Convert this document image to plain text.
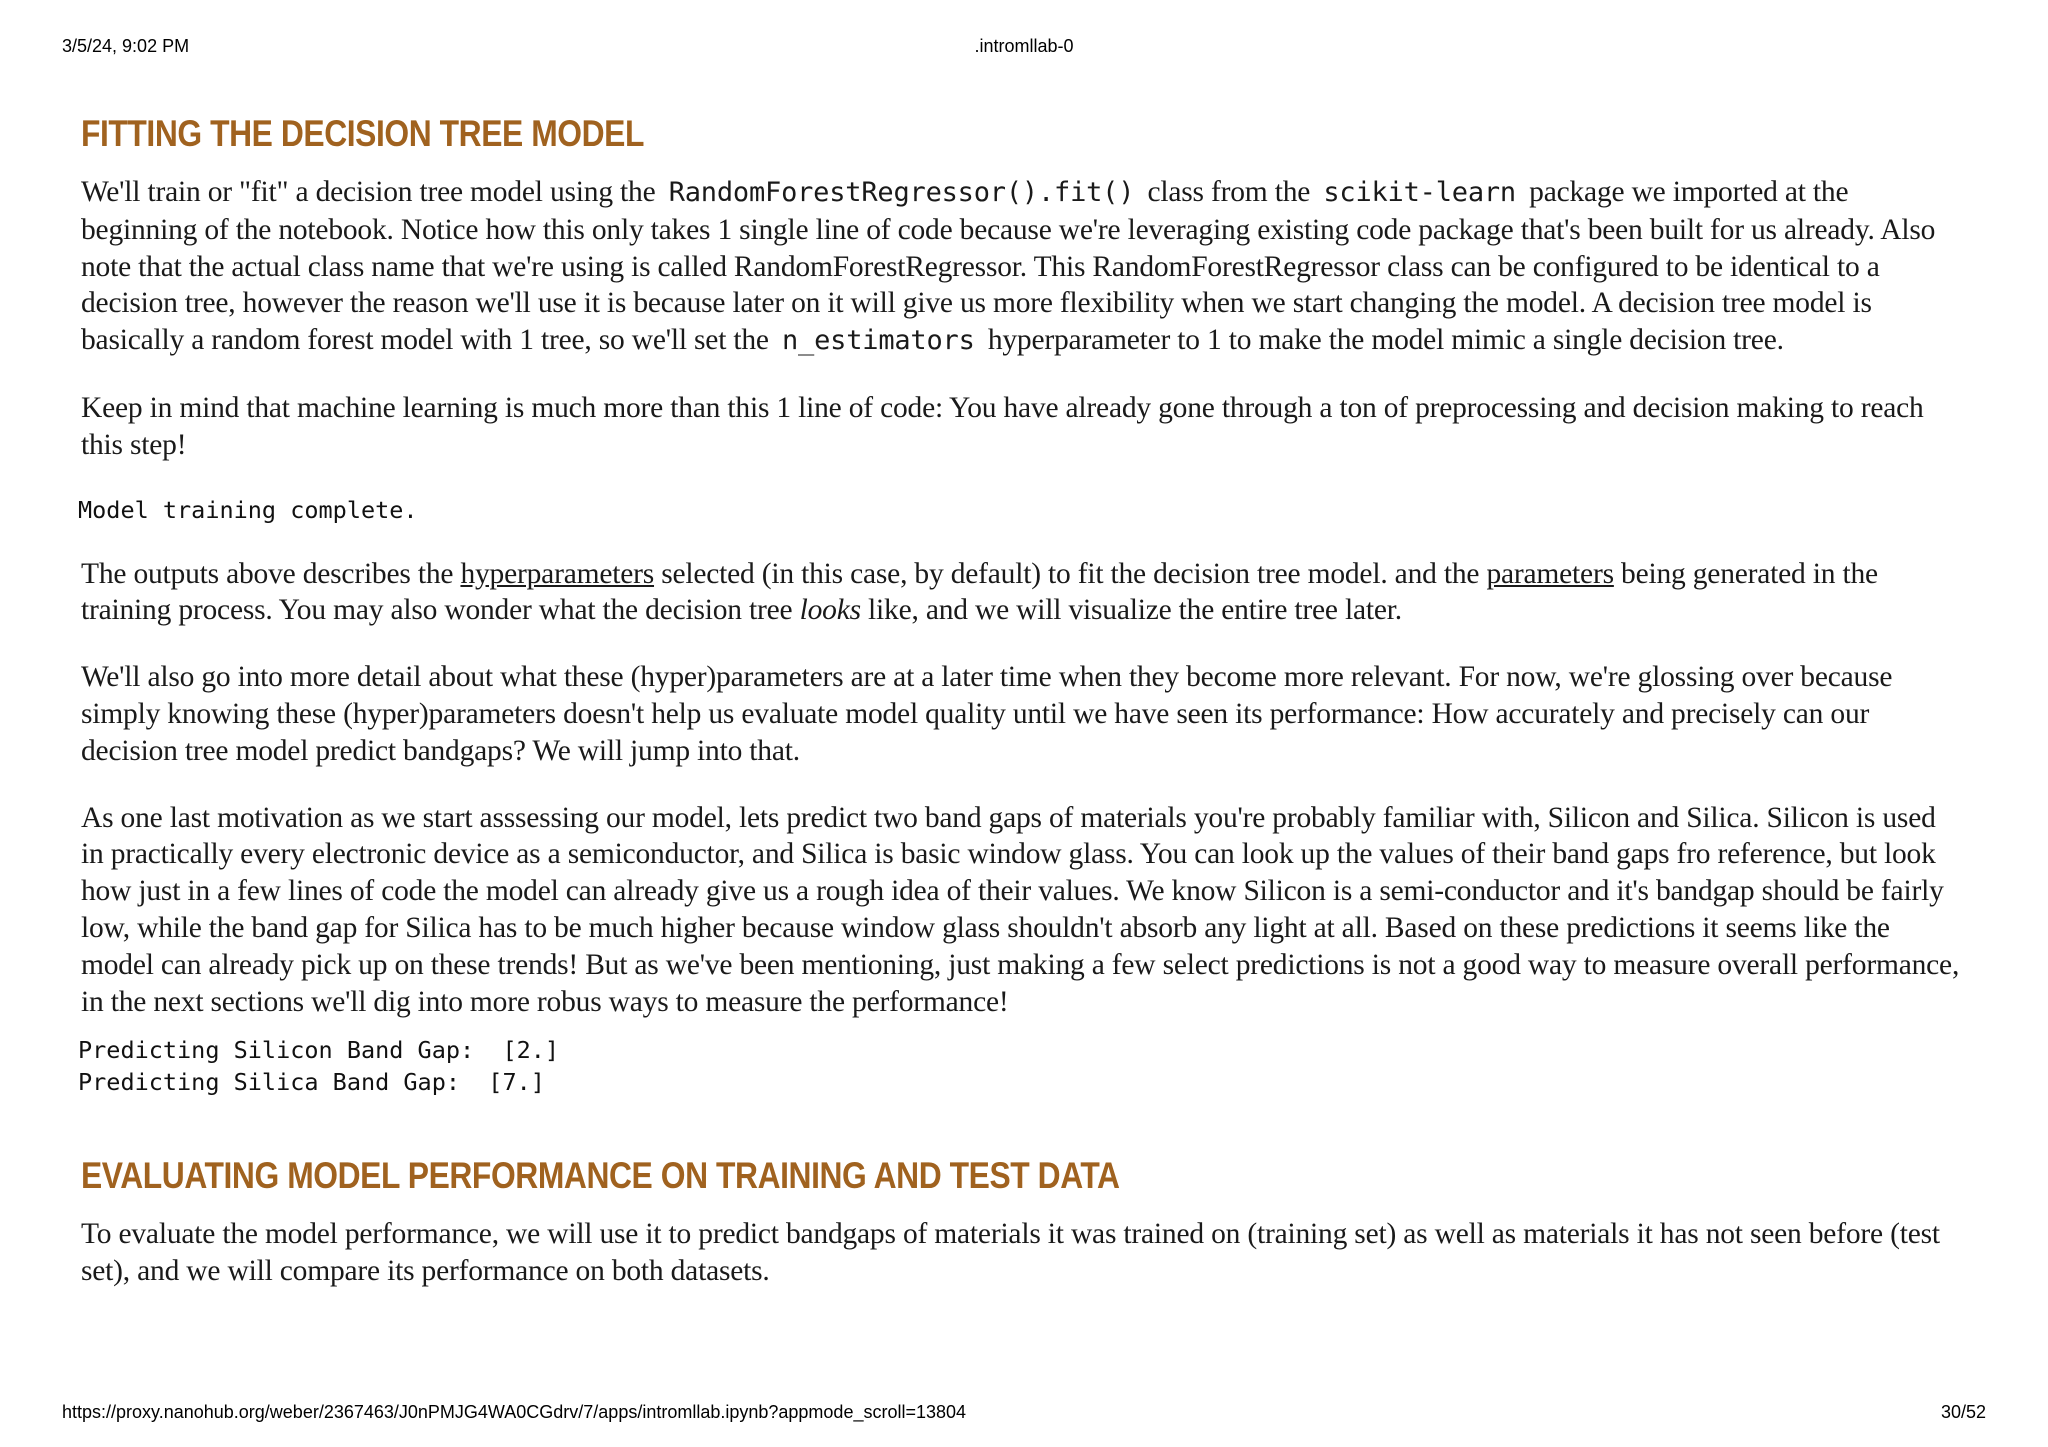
3/5/24, 9:02 PM	.intromllab-0
FITTING THE DECISION TREE MODEL

We'll train or "fit" a decision tree model using the RandomForestRegressor().fit() class from the scikit-learn package we imported at the beginning of the notebook. Notice how this only takes 1 single line of code because we're leveraging existing code package that's been built for us already. Also note that the actual class name that we're using is called RandomForestRegressor. This RandomForestRegressor class can be configured to be identical to a decision tree, however the reason we'll use it is because later on it will give us more flexibility when we start changing the model. A decision tree model is basically a random forest model with 1 tree, so we'll set the n_estimators hyperparameter to 1 to make the model mimic a single decision tree.

Keep in mind that machine learning is much more than this 1 line of code: You have already gone through a ton of preprocessing and decision making to reach this step!

Model training complete.

The outputs above describes the hyperparameters selected (in this case, by default) to fit the decision tree model. and the parameters being generated in the training process. You may also wonder what the decision tree looks like, and we will visualize the entire tree later.

We'll also go into more detail about what these (hyper)parameters are at a later time when they become more relevant. For now, we're glossing over because simply knowing these (hyper)parameters doesn't help us evaluate model quality until we have seen its performance: How accurately and precisely can our decision tree model predict bandgaps? We will jump into that.

As one last motivation as we start asssessing our model, lets predict two band gaps of materials you're probably familiar with, Silicon and Silica. Silicon is used in practically every electronic device as a semiconductor, and Silica is basic window glass. You can look up the values of their band gaps fro reference, but look how just in a few lines of code the model can already give us a rough idea of their values. We know Silicon is a semi-conductor and it's bandgap should be fairly low, while the band gap for Silica has to be much higher because window glass shouldn't absorb any light at all. Based on these predictions it seems like the model can already pick up on these trends! But as we've been mentioning, just making a few select predictions is not a good way to measure overall performance, in the next sections we'll dig into more robus ways to measure the performance!

Predicting Silicon Band Gap:  [2.]
Predicting Silica Band Gap:  [7.]
EVALUATING MODEL PERFORMANCE ON TRAINING AND TEST DATA

To evaluate the model performance, we will use it to predict bandgaps of materials it was trained on (training set) as well as materials it has not seen before (test set), and we will compare its performance on both datasets.

https://proxy.nanohub.org/weber/2367463/J0nPMJG4WA0CGdrv/7/apps/intromllab.ipynb?appmode_scroll=13804	30/52
